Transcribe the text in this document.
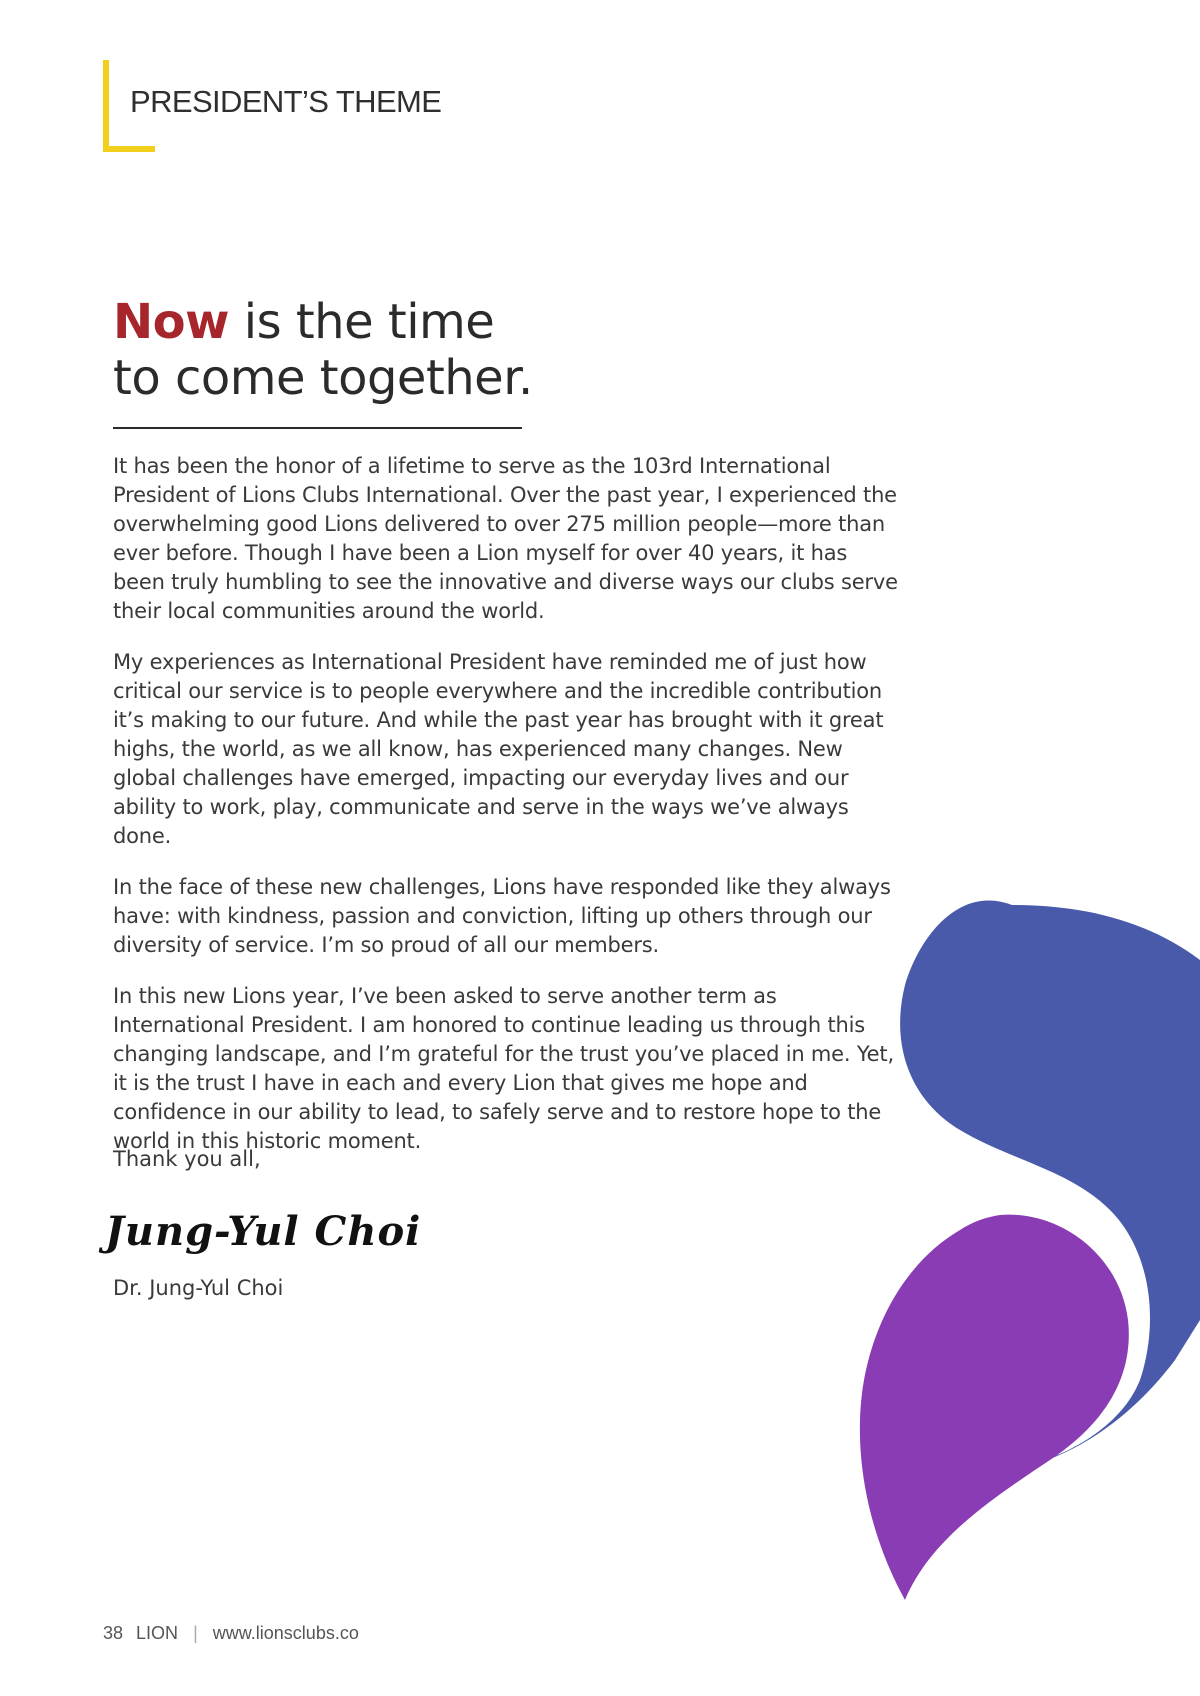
PRESIDENT’S THEME
Now is the time
to come together.

It has been the honor of a lifetime to serve as the 103rd International President of Lions Clubs International. Over the past year, I experienced the overwhelming good Lions delivered to over 275 million people—more than ever before. Though I have been a Lion myself for over 40 years, it has been truly humbling to see the innovative and diverse ways our clubs serve their local communities around the world.

My experiences as International President have reminded me of just how critical our service is to people everywhere and the incredible contribution it’s making to our future. And while the past year has brought with it great highs, the world, as we all know, has experienced many changes. New global challenges have emerged, impacting our everyday lives and our ability to work, play, communicate and serve in the ways we’ve always done.

In the face of these new challenges, Lions have responded like they always have: with kindness, passion and conviction, lifting up others through our diversity of service. I’m so proud of all our members.

In this new Lions year, I’ve been asked to serve another term as International President. I am honored to continue leading us through this changing landscape, and I’m grateful for the trust you’ve placed in me. Yet, it is the trust I have in each and every Lion that gives me hope and confidence in our ability to lead, to safely serve and to restore hope to the world in this historic moment.

Thank you all,
Jung-Yul Choi
Dr. Jung-Yul Choi
38 LION | www.lionsclubs.co
